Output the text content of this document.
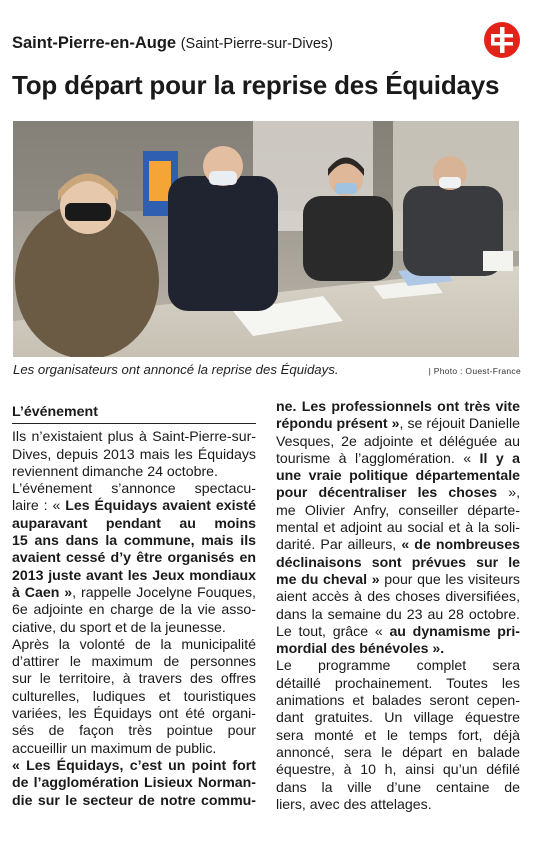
Saint-Pierre-en-Auge (Saint-Pierre-sur-Dives)
Top départ pour la reprise des Équidays
Les organisateurs ont annoncé la reprise des Équidays.	| Photo : Ouest-France
L’événement
Ils n’existaient plus à Saint-Pierre-sur-
Dives, depuis 2013 mais les Équidays
reviennent dimanche 24 octobre.
L’événement s’annonce spectacu-
laire : « Les Équidays avaient existé
auparavant pendant au moins
15 ans dans la commune, mais ils
avaient cessé d’y être organisés en
2013 juste avant les Jeux mondiaux
à Caen », rappelle Jocelyne Fouques,
6e adjointe en charge de la vie asso-
ciative, du sport et de la jeunesse.
Après la volonté de la municipalité
d’attirer le maximum de personnes
sur le territoire, à travers des offres
culturelles, ludiques et touristiques
variées, les Équidays ont été organi-
sés de façon très pointue pour
accueillir un maximum de public.
« Les Équidays, c’est un point fort
de l’agglomération Lisieux Norman-
die sur le secteur de notre commu-
ne. Les professionnels ont très vite
répondu présent », se réjouit Danielle
Vesques, 2e adjointe et déléguée au
tourisme à l’agglomération. « Il y a
une vraie politique départementale
pour décentraliser les choses »,
me Olivier Anfry, conseiller départe-
mental et adjoint au social et à la soli-
darité. Par ailleurs, « de nombreuses
déclinaisons sont prévues sur le
me du cheval » pour que les visiteurs
aient accès à des choses diversifiées,
dans la semaine du 23 au 28 octobre.
Le tout, grâce « au dynamisme pri-
mordial des bénévoles ».
Le programme complet sera
détaillé prochainement. Toutes les
animations et balades seront cepen-
dant gratuites. Un village équestre
sera monté et le temps fort, déjà
annoncé, sera le départ en balade
équestre, à 10 h, ainsi qu’un défilé
dans la ville d’une centaine de
liers, avec des attelages.
